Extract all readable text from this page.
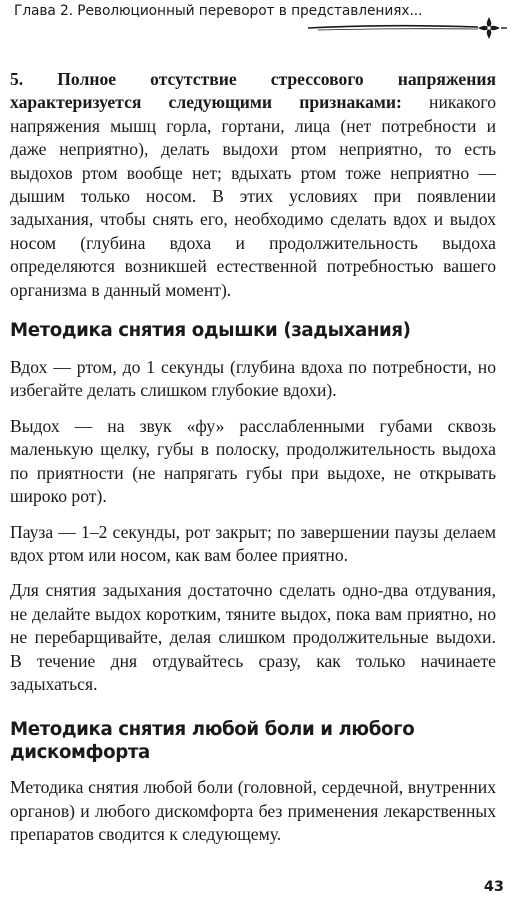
Глава 2. Революционный переворот в представлениях...

5. Полное отсутствие стрессового напряжения характеризуется следующими признаками: никакого напряжения мышц горла, гортани, лица (нет потребности и даже неприятно), делать выдохи ртом неприятно, то есть выдохов ртом вообще нет; вдыхать ртом тоже неприятно — дышим только носом. В этих условиях при появлении задыхания, чтобы снять его, необходимо сделать вдох и выдох носом (глубина вдоха и продолжительность выдоха определяются возникшей естественной потребностью вашего организма в данный момент).

Методика снятия одышки (задыхания)

Вдох — ртом, до 1 секунды (глубина вдоха по потребности, но избегайте делать слишком глубокие вдохи).

Выдох — на звук «фу» расслабленными губами сквозь маленькую щелку, губы в полоску, продолжительность выдоха по приятности (не напрягать губы при выдохе, не открывать широко рот).

Пауза — 1–2 секунды, рот закрыт; по завершении паузы делаем вдох ртом или носом, как вам более приятно.

Для снятия задыхания достаточно сделать одно-два отдувания, не делайте выдох коротким, тяните выдох, пока вам приятно, но не перебарщивайте, делая слишком продолжительные выдохи. В течение дня отдувайтесь сразу, как только начинаете задыхаться.

Методика снятия любой боли и любого дискомфорта

Методика снятия любой боли (головной, сердечной, внутренних органов) и любого дискомфорта без применения лекарственных препаратов сводится к следующему.

43
